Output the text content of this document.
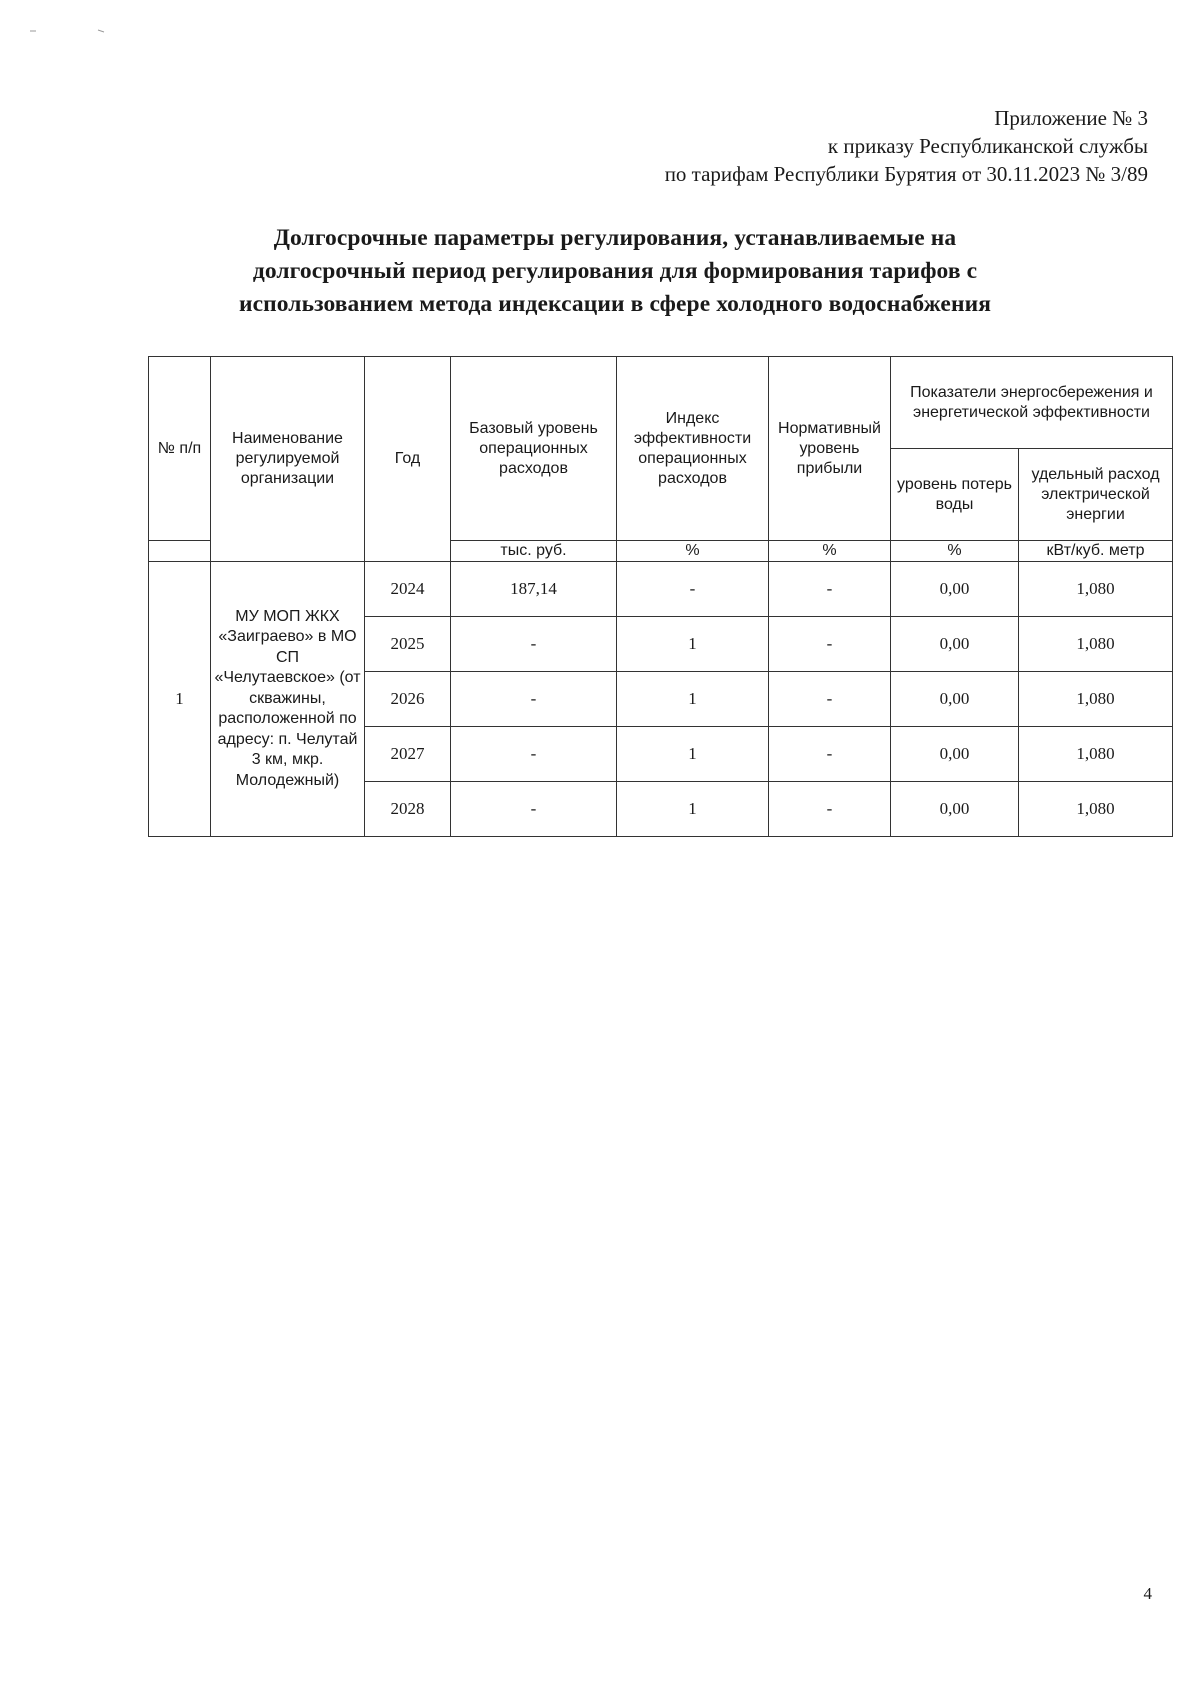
Приложение № 3
к приказу Республиканской службы
по тарифам Республики Бурятия от 30.11.2023 № 3/89
Долгосрочные параметры регулирования, устанавливаемые на
долгосрочный период регулирования для формирования тарифов с
использованием метода индексации в сфере холодного водоснабжения
№ п/п	Наименование регулируемой организации	Год	Базовый уровень операционных расходов	Индекс эффективности операционных расходов	Нормативный уровень прибыли	Показатели энергосбережения и энергетической эффективности	
						уровень потерь воды	удельный расход электрической энергии
			тыс. руб.	%	%	%	кВт/куб. метр
1	МУ МОП ЖКХ «Заиграево» в МО СП «Челутаевское» (от скважины, расположенной по адресу: п. Челутай 3 км, мкр. Молодежный)	2024	187,14	-	-	0,00	1,080
		2025	-	1	-	0,00	1,080
		2026	-	1	-	0,00	1,080
		2027	-	1	-	0,00	1,080
		2028	-	1	-	0,00	1,080
4
